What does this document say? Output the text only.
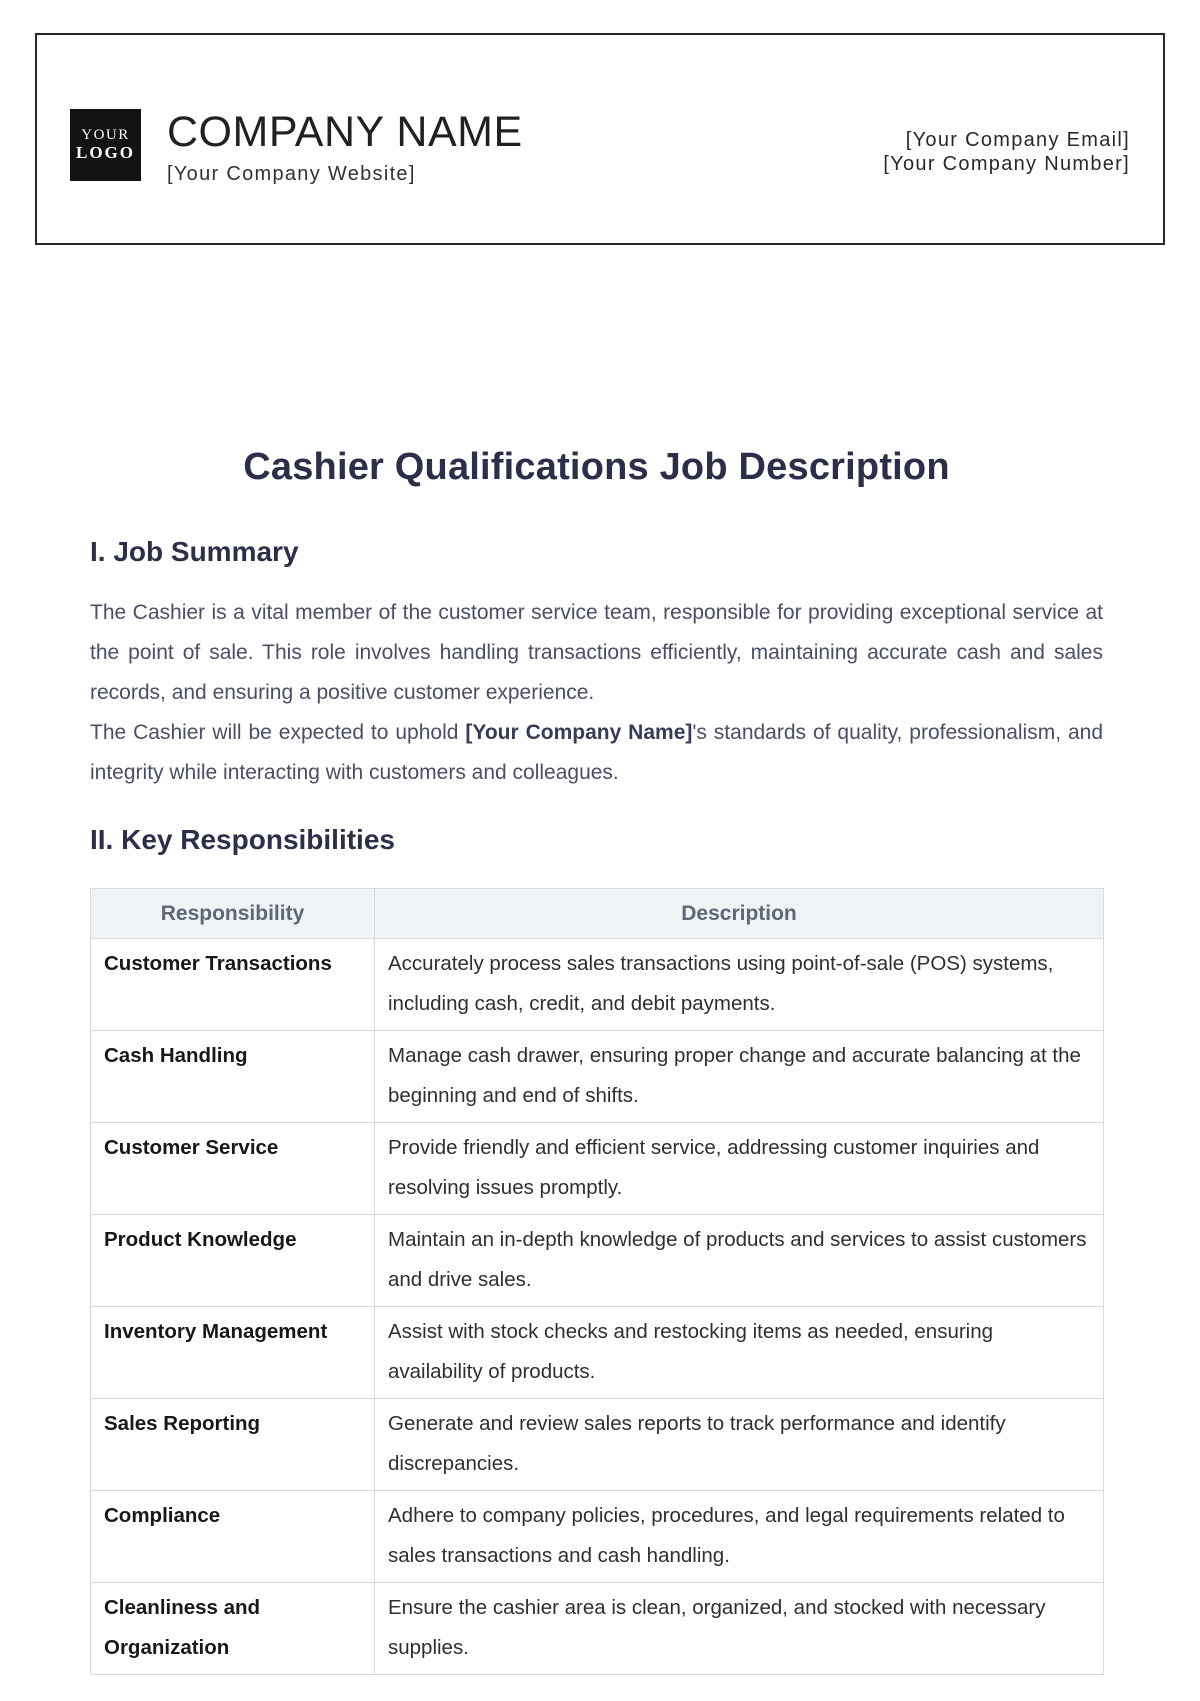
YOUR
LOGO COMPANY NAME
[Your Company Website]
[Your Company Email]
[Your Company Number]
Cashier Qualifications Job Description
I. Job Summary

The Cashier is a vital member of the customer service team, responsible for providing exceptional service at the point of sale. This role involves handling transactions efficiently, maintaining accurate cash and sales records, and ensuring a positive customer experience.

The Cashier will be expected to uphold [Your Company Name]'s standards of quality, professionalism, and integrity while interacting with customers and colleagues.

II. Key Responsibilities
Responsibility	Description
Customer Transactions	Accurately process sales transactions using point-of-sale (POS) systems, including cash, credit, and debit payments.
Cash Handling	Manage cash drawer, ensuring proper change and accurate balancing at the beginning and end of shifts.
Customer Service	Provide friendly and efficient service, addressing customer inquiries and resolving issues promptly.
Product Knowledge	Maintain an in-depth knowledge of products and services to assist customers and drive sales.
Inventory Management	Assist with stock checks and restocking items as needed, ensuring availability of products.
Sales Reporting	Generate and review sales reports to track performance and identify discrepancies.
Compliance	Adhere to company policies, procedures, and legal requirements related to sales transactions and cash handling.
Cleanliness and Organization	Ensure the cashier area is clean, organized, and stocked with necessary supplies.
